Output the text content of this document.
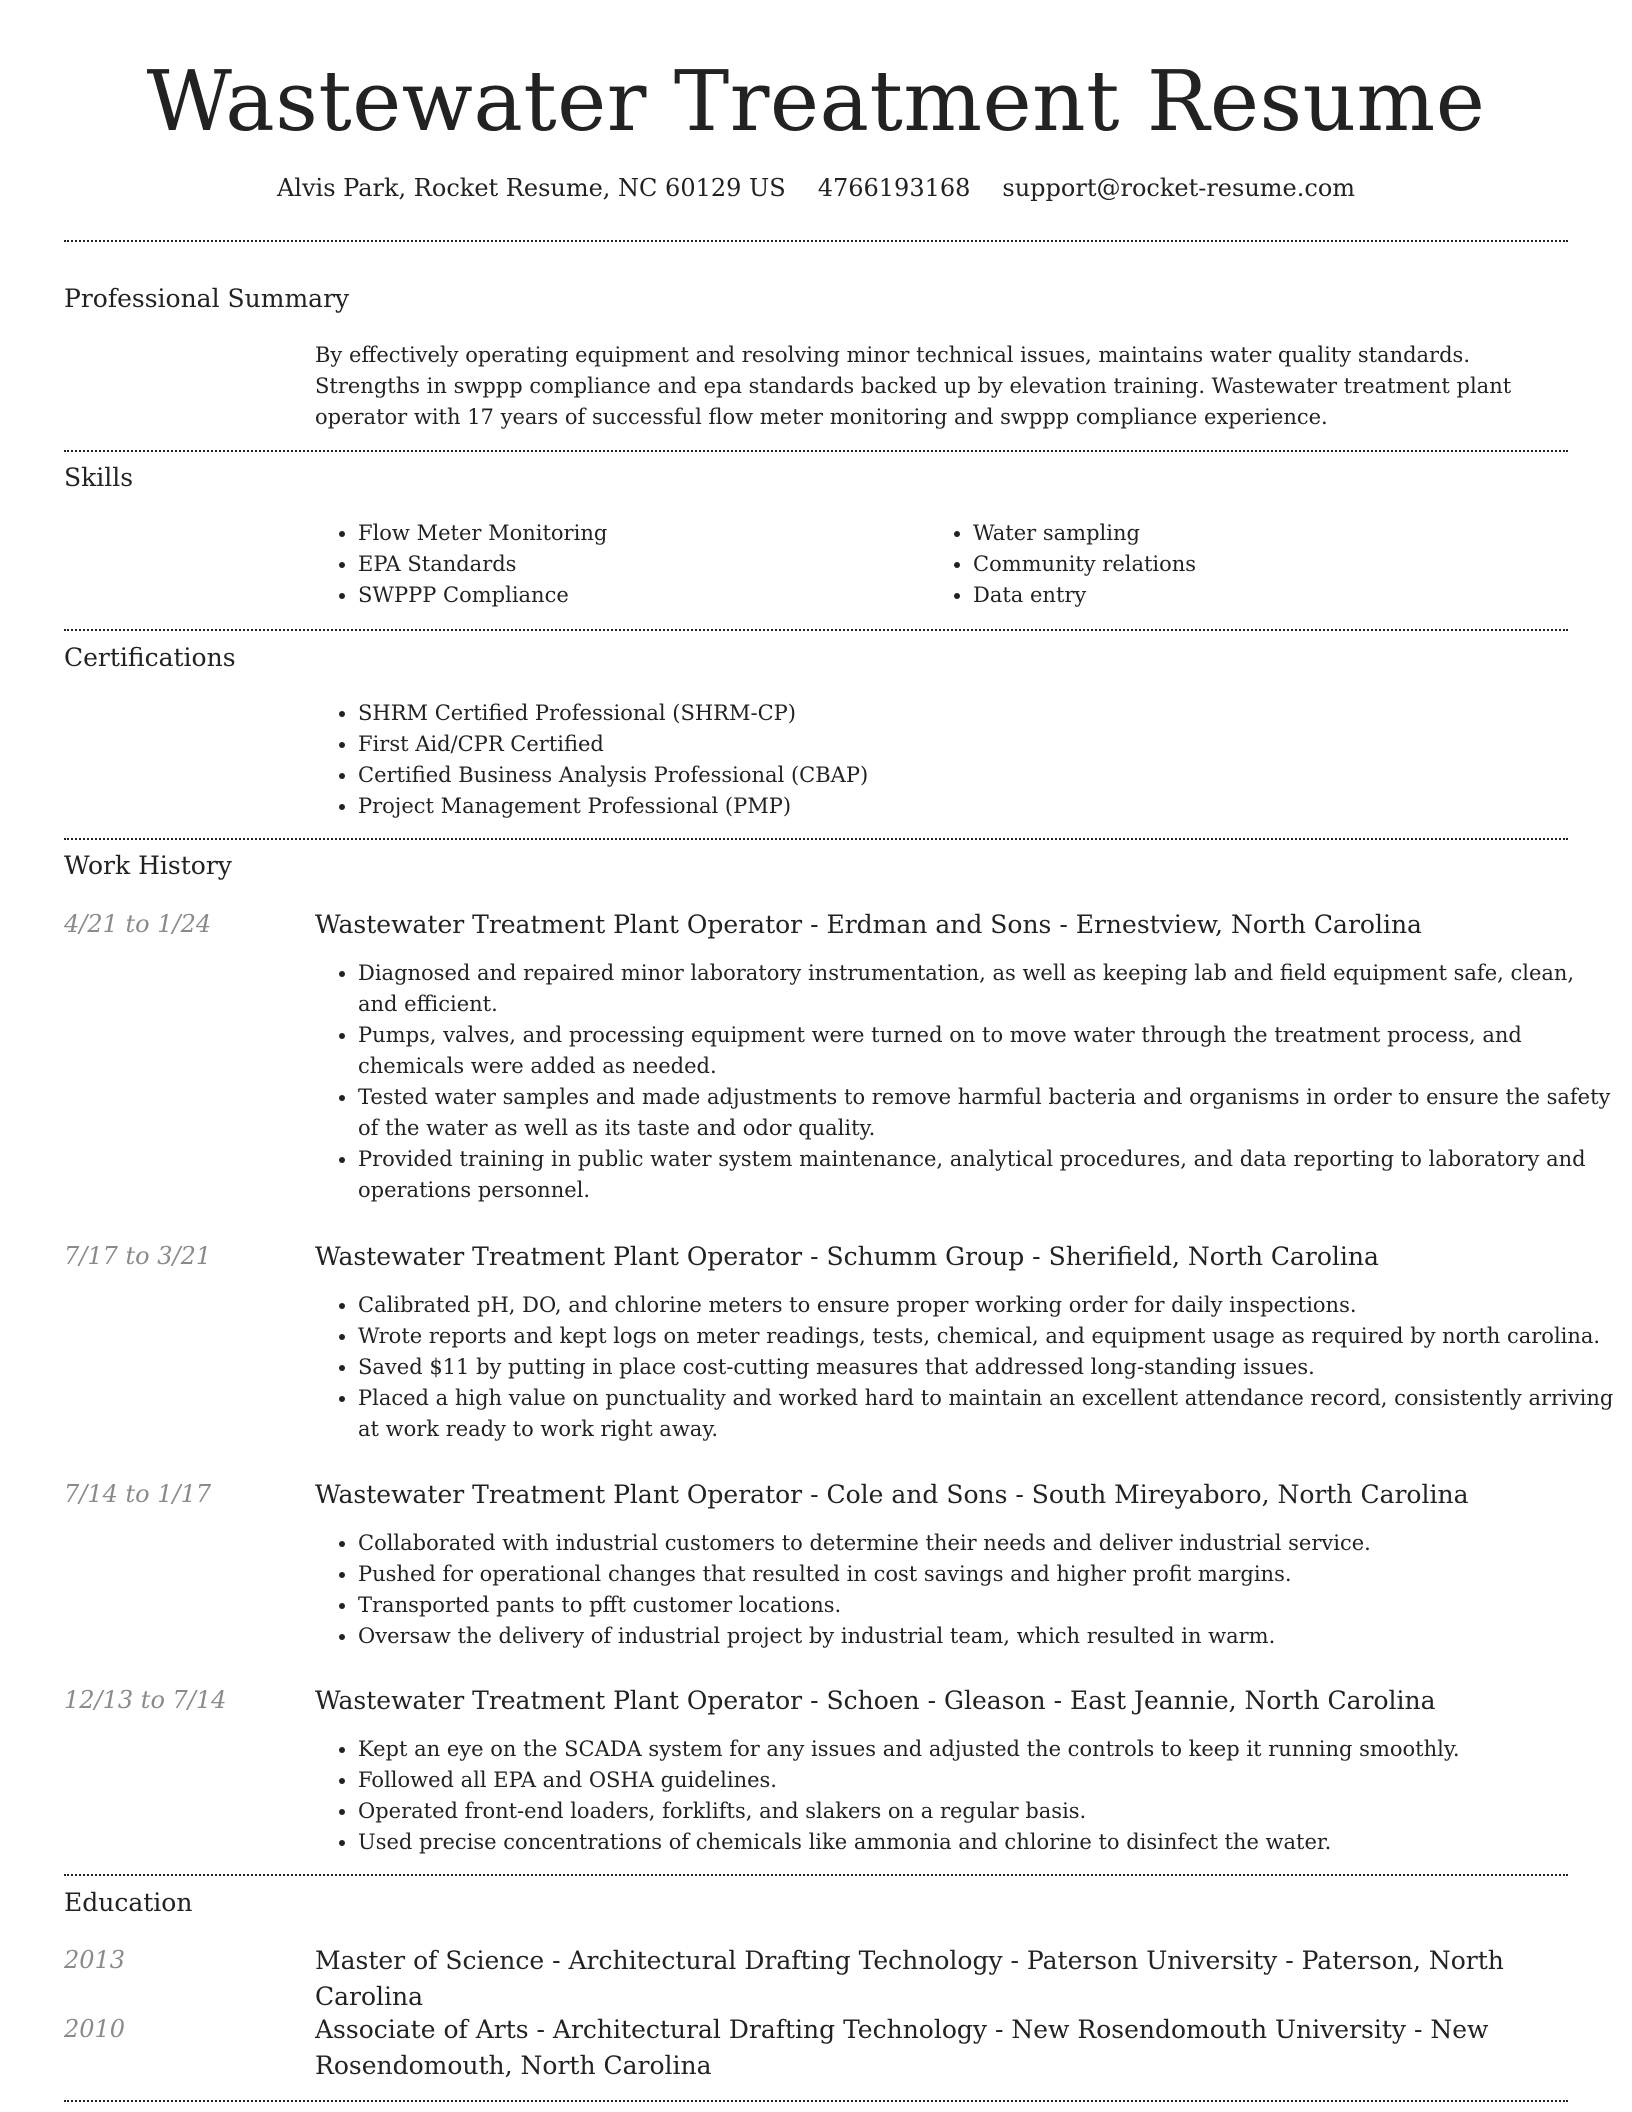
Wastewater Treatment Resume
Alvis Park, Rocket Resume, NC 60129 US 4766193168 support@rocket-resume.com
Professional Summary
By effectively operating equipment and resolving minor technical issues, maintains water quality standards. Strengths in swppp compliance and epa standards backed up by elevation training. Wastewater treatment plant operator with 17 years of successful flow meter monitoring and swppp compliance experience.
Skills
• Flow Meter Monitoring
• EPA Standards
• SWPPP Compliance
• Water sampling
• Community relations
• Data entry
Certifications
• SHRM Certified Professional (SHRM-CP)
• First Aid/CPR Certified
• Certified Business Analysis Professional (CBAP)
• Project Management Professional (PMP)
Work History
4/21 to 1/24	Wastewater Treatment Plant Operator - Erdman and Sons - Ernestview, North Carolina
• Diagnosed and repaired minor laboratory instrumentation, as well as keeping lab and field equipment safe, clean, and efficient.
• Pumps, valves, and processing equipment were turned on to move water through the treatment process, and chemicals were added as needed.
• Tested water samples and made adjustments to remove harmful bacteria and organisms in order to ensure the safety of the water as well as its taste and odor quality.
• Provided training in public water system maintenance, analytical procedures, and data reporting to laboratory and operations personnel.
7/17 to 3/21	Wastewater Treatment Plant Operator - Schumm Group - Sherifield, North Carolina
• Calibrated pH, DO, and chlorine meters to ensure proper working order for daily inspections.
• Wrote reports and kept logs on meter readings, tests, chemical, and equipment usage as required by north carolina.
• Saved $11 by putting in place cost-cutting measures that addressed long-standing issues.
• Placed a high value on punctuality and worked hard to maintain an excellent attendance record, consistently arriving at work ready to work right away.
7/14 to 1/17	Wastewater Treatment Plant Operator - Cole and Sons - South Mireyaboro, North Carolina
• Collaborated with industrial customers to determine their needs and deliver industrial service.
• Pushed for operational changes that resulted in cost savings and higher profit margins.
• Transported pants to pfft customer locations.
• Oversaw the delivery of industrial project by industrial team, which resulted in warm.
12/13 to 7/14	Wastewater Treatment Plant Operator - Schoen - Gleason - East Jeannie, North Carolina
• Kept an eye on the SCADA system for any issues and adjusted the controls to keep it running smoothly.
• Followed all EPA and OSHA guidelines.
• Operated front-end loaders, forklifts, and slakers on a regular basis.
• Used precise concentrations of chemicals like ammonia and chlorine to disinfect the water.
Education
2013	Master of Science - Architectural Drafting Technology - Paterson University - Paterson, North Carolina
2010	Associate of Arts - Architectural Drafting Technology - New Rosendomouth University - New Rosendomouth, North Carolina
